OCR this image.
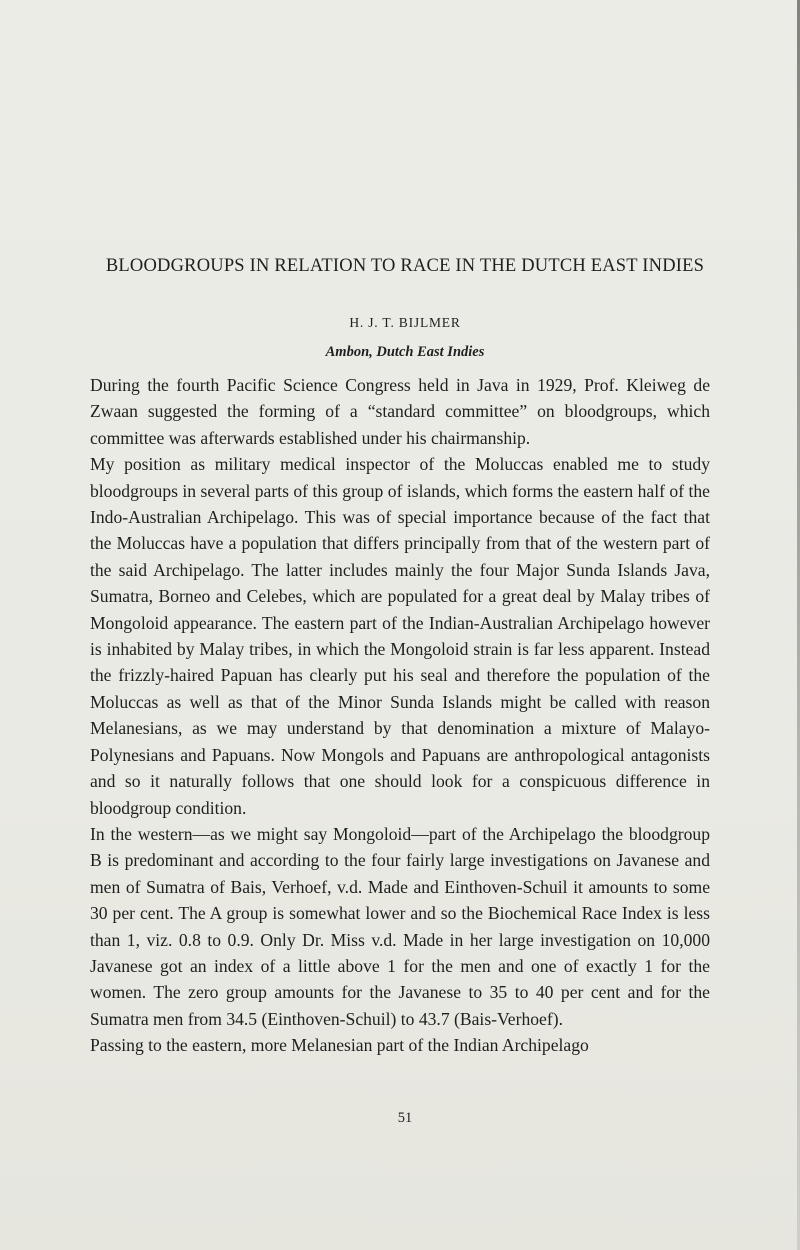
BLOODGROUPS IN RELATION TO RACE IN THE DUTCH EAST INDIES
H. J. T. BIJLMER
Ambon, Dutch East Indies

During the fourth Pacific Science Congress held in Java in 1929, Prof. Kleiweg de Zwaan suggested the forming of a “standard committee” on bloodgroups, which committee was afterwards established under his chairmanship.

My position as military medical inspector of the Moluccas enabled me to study bloodgroups in several parts of this group of islands, which forms the eastern half of the Indo-Australian Archipelago. This was of special importance because of the fact that the Moluccas have a population that differs principally from that of the western part of the said Archipelago. The latter includes mainly the four Major Sunda Islands Java, Sumatra, Borneo and Celebes, which are populated for a great deal by Malay tribes of Mongoloid appearance. The eastern part of the Indian-Australian Archipelago however is inhabited by Malay tribes, in which the Mongoloid strain is far less apparent. Instead the frizzly-haired Papuan has clearly put his seal and therefore the population of the Moluccas as well as that of the Minor Sunda Islands might be called with reason Melanesians, as we may understand by that denomination a mixture of Malayo-Polynesians and Papuans. Now Mongols and Papuans are anthropological antagonists and so it naturally follows that one should look for a conspicuous difference in bloodgroup condition.

In the western—as we might say Mongoloid—part of the Archipelago the bloodgroup B is predominant and according to the four fairly large investigations on Javanese and men of Sumatra of Bais, Verhoef, v.d. Made and Einthoven-Schuil it amounts to some 30 per cent. The A group is somewhat lower and so the Biochemical Race Index is less than 1, viz. 0.8 to 0.9. Only Dr. Miss v.d. Made in her large investigation on 10,000 Javanese got an index of a little above 1 for the men and one of exactly 1 for the women. The zero group amounts for the Javanese to 35 to 40 per cent and for the Sumatra men from 34.5 (Einthoven-Schuil) to 43.7 (Bais-Verhoef).

Passing to the eastern, more Melanesian part of the Indian Archipelago

51
